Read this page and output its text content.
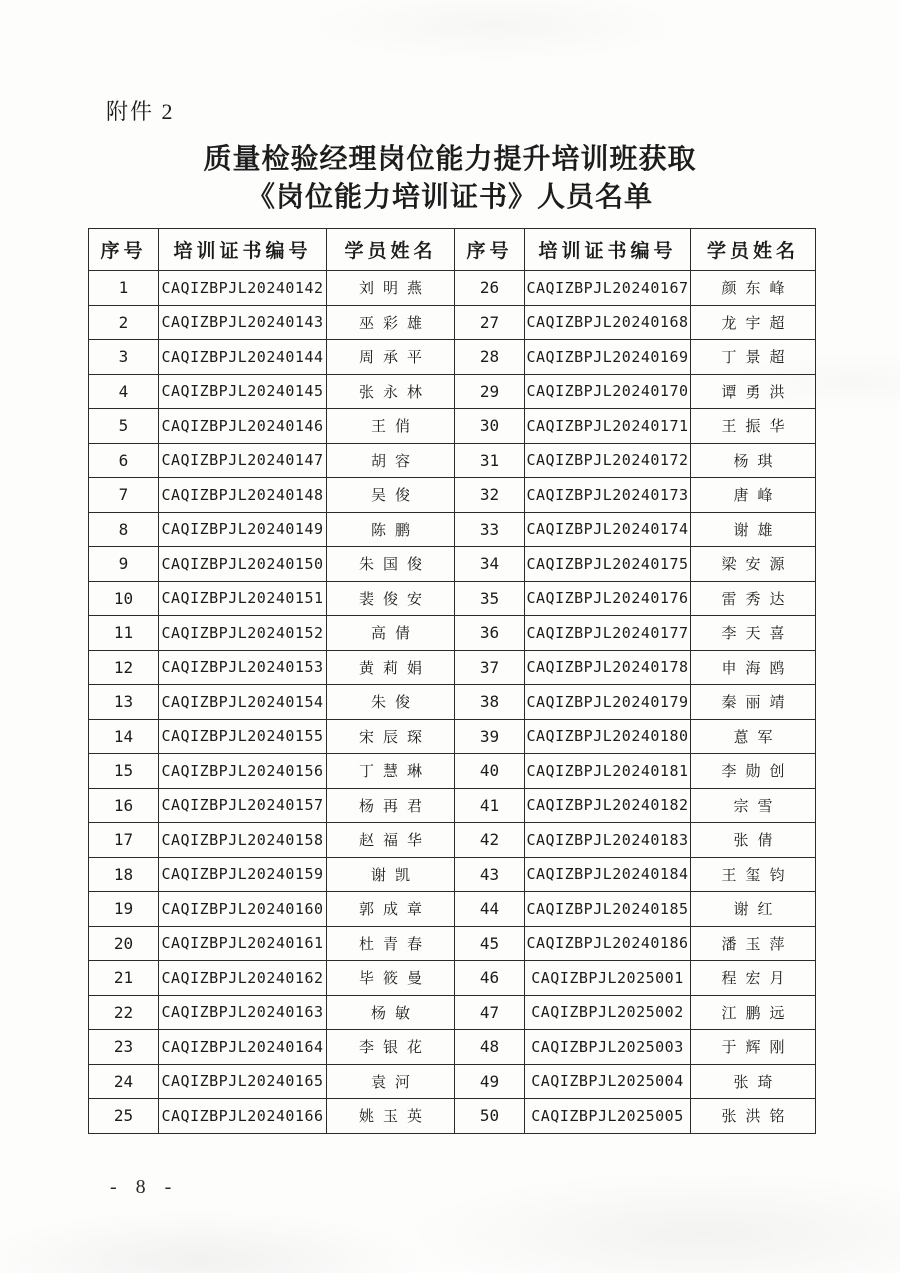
附件 2
质量检验经理岗位能力提升培训班获取
《岗位能力培训证书》人员名单
序号	培训证书编号	学员姓名	序号	培训证书编号	学员姓名
1	CAQIZBPJL20240142	刘明燕	26	CAQIZBPJL20240167	颜东峰
2	CAQIZBPJL20240143	巫彩雄	27	CAQIZBPJL20240168	龙宇超
3	CAQIZBPJL20240144	周承平	28	CAQIZBPJL20240169	丁景超
4	CAQIZBPJL20240145	张永林	29	CAQIZBPJL20240170	谭勇洪
5	CAQIZBPJL20240146	王俏	30	CAQIZBPJL20240171	王振华
6	CAQIZBPJL20240147	胡容	31	CAQIZBPJL20240172	杨琪
7	CAQIZBPJL20240148	吴俊	32	CAQIZBPJL20240173	唐峰
8	CAQIZBPJL20240149	陈鹏	33	CAQIZBPJL20240174	谢雄
9	CAQIZBPJL20240150	朱国俊	34	CAQIZBPJL20240175	梁安源
10	CAQIZBPJL20240151	裴俊安	35	CAQIZBPJL20240176	雷秀达
11	CAQIZBPJL20240152	高倩	36	CAQIZBPJL20240177	李天喜
12	CAQIZBPJL20240153	黄莉娟	37	CAQIZBPJL20240178	申海鸥
13	CAQIZBPJL20240154	朱俊	38	CAQIZBPJL20240179	秦丽靖
14	CAQIZBPJL20240155	宋辰琛	39	CAQIZBPJL20240180	蒠军
15	CAQIZBPJL20240156	丁慧琳	40	CAQIZBPJL20240181	李勋创
16	CAQIZBPJL20240157	杨再君	41	CAQIZBPJL20240182	宗雪
17	CAQIZBPJL20240158	赵福华	42	CAQIZBPJL20240183	张倩
18	CAQIZBPJL20240159	谢凯	43	CAQIZBPJL20240184	王玺钧
19	CAQIZBPJL20240160	郭成章	44	CAQIZBPJL20240185	谢红
20	CAQIZBPJL20240161	杜青春	45	CAQIZBPJL20240186	潘玉萍
21	CAQIZBPJL20240162	毕筱曼	46	CAQIZBPJL2025001	程宏月
22	CAQIZBPJL20240163	杨敏	47	CAQIZBPJL2025002	江鹏远
23	CAQIZBPJL20240164	李银花	48	CAQIZBPJL2025003	于辉刚
24	CAQIZBPJL20240165	袁河	49	CAQIZBPJL2025004	张琦
25	CAQIZBPJL20240166	姚玉英	50	CAQIZBPJL2025005	张洪铭
- 8 -
